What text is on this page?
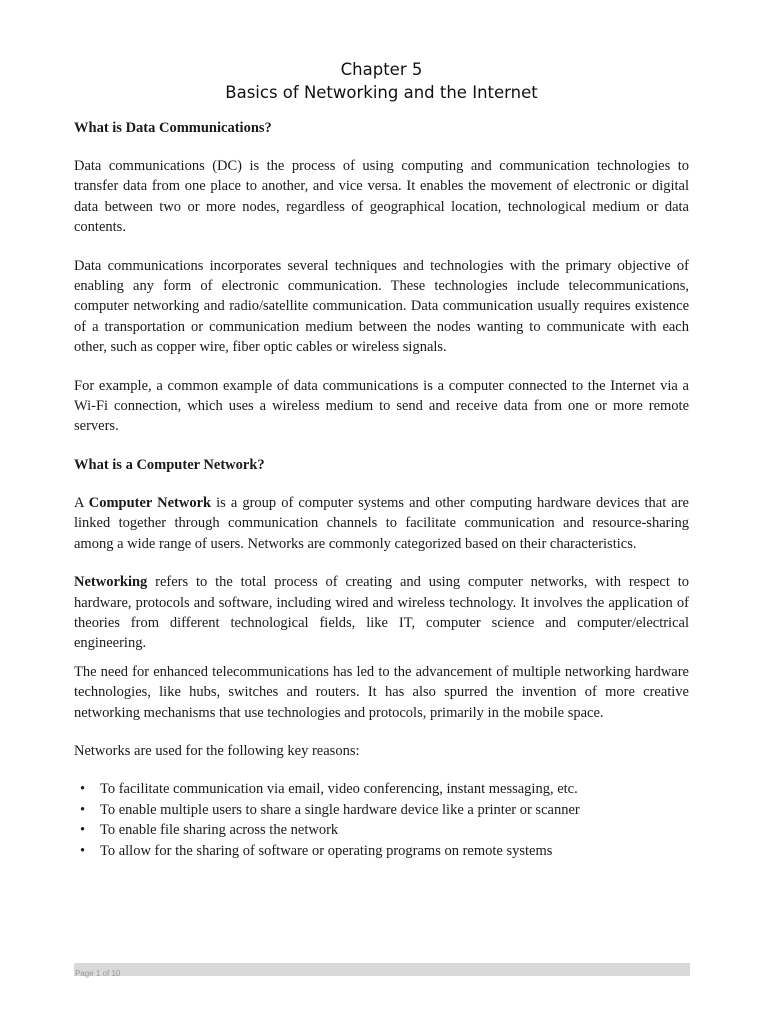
Chapter 5
Basics of Networking and the Internet
What is Data Communications?

Data communications (DC) is the process of using computing and communication technologies to transfer data from one place to another, and vice versa. It enables the movement of electronic or digital data between two or more nodes, regardless of geographical location, technological medium or data contents.

Data communications incorporates several techniques and technologies with the primary objective of enabling any form of electronic communication. These technologies include telecommunications, computer networking and radio/satellite communication. Data communication usually requires existence of a transportation or communication medium between the nodes wanting to communicate with each other, such as copper wire, fiber optic cables or wireless signals.

For example, a common example of data communications is a computer connected to the Internet via a Wi-Fi connection, which uses a wireless medium to send and receive data from one or more remote servers.

What is a Computer Network?

A Computer Network is a group of computer systems and other computing hardware devices that are linked together through communication channels to facilitate communication and resource-sharing among a wide range of users. Networks are commonly categorized based on their characteristics.

Networking refers to the total process of creating and using computer networks, with respect to hardware, protocols and software, including wired and wireless technology. It involves the application of theories from different technological fields, like IT, computer science and computer/electrical engineering.

The need for enhanced telecommunications has led to the advancement of multiple networking hardware technologies, like hubs, switches and routers. It has also spurred the invention of more creative networking mechanisms that use technologies and protocols, primarily in the mobile space.

Networks are used for the following key reasons:

• To facilitate communication via email, video conferencing, instant messaging, etc.
• To enable multiple users to share a single hardware device like a printer or scanner
• To enable file sharing across the network
• To allow for the sharing of software or operating programs on remote systems
Page 1 of 10
